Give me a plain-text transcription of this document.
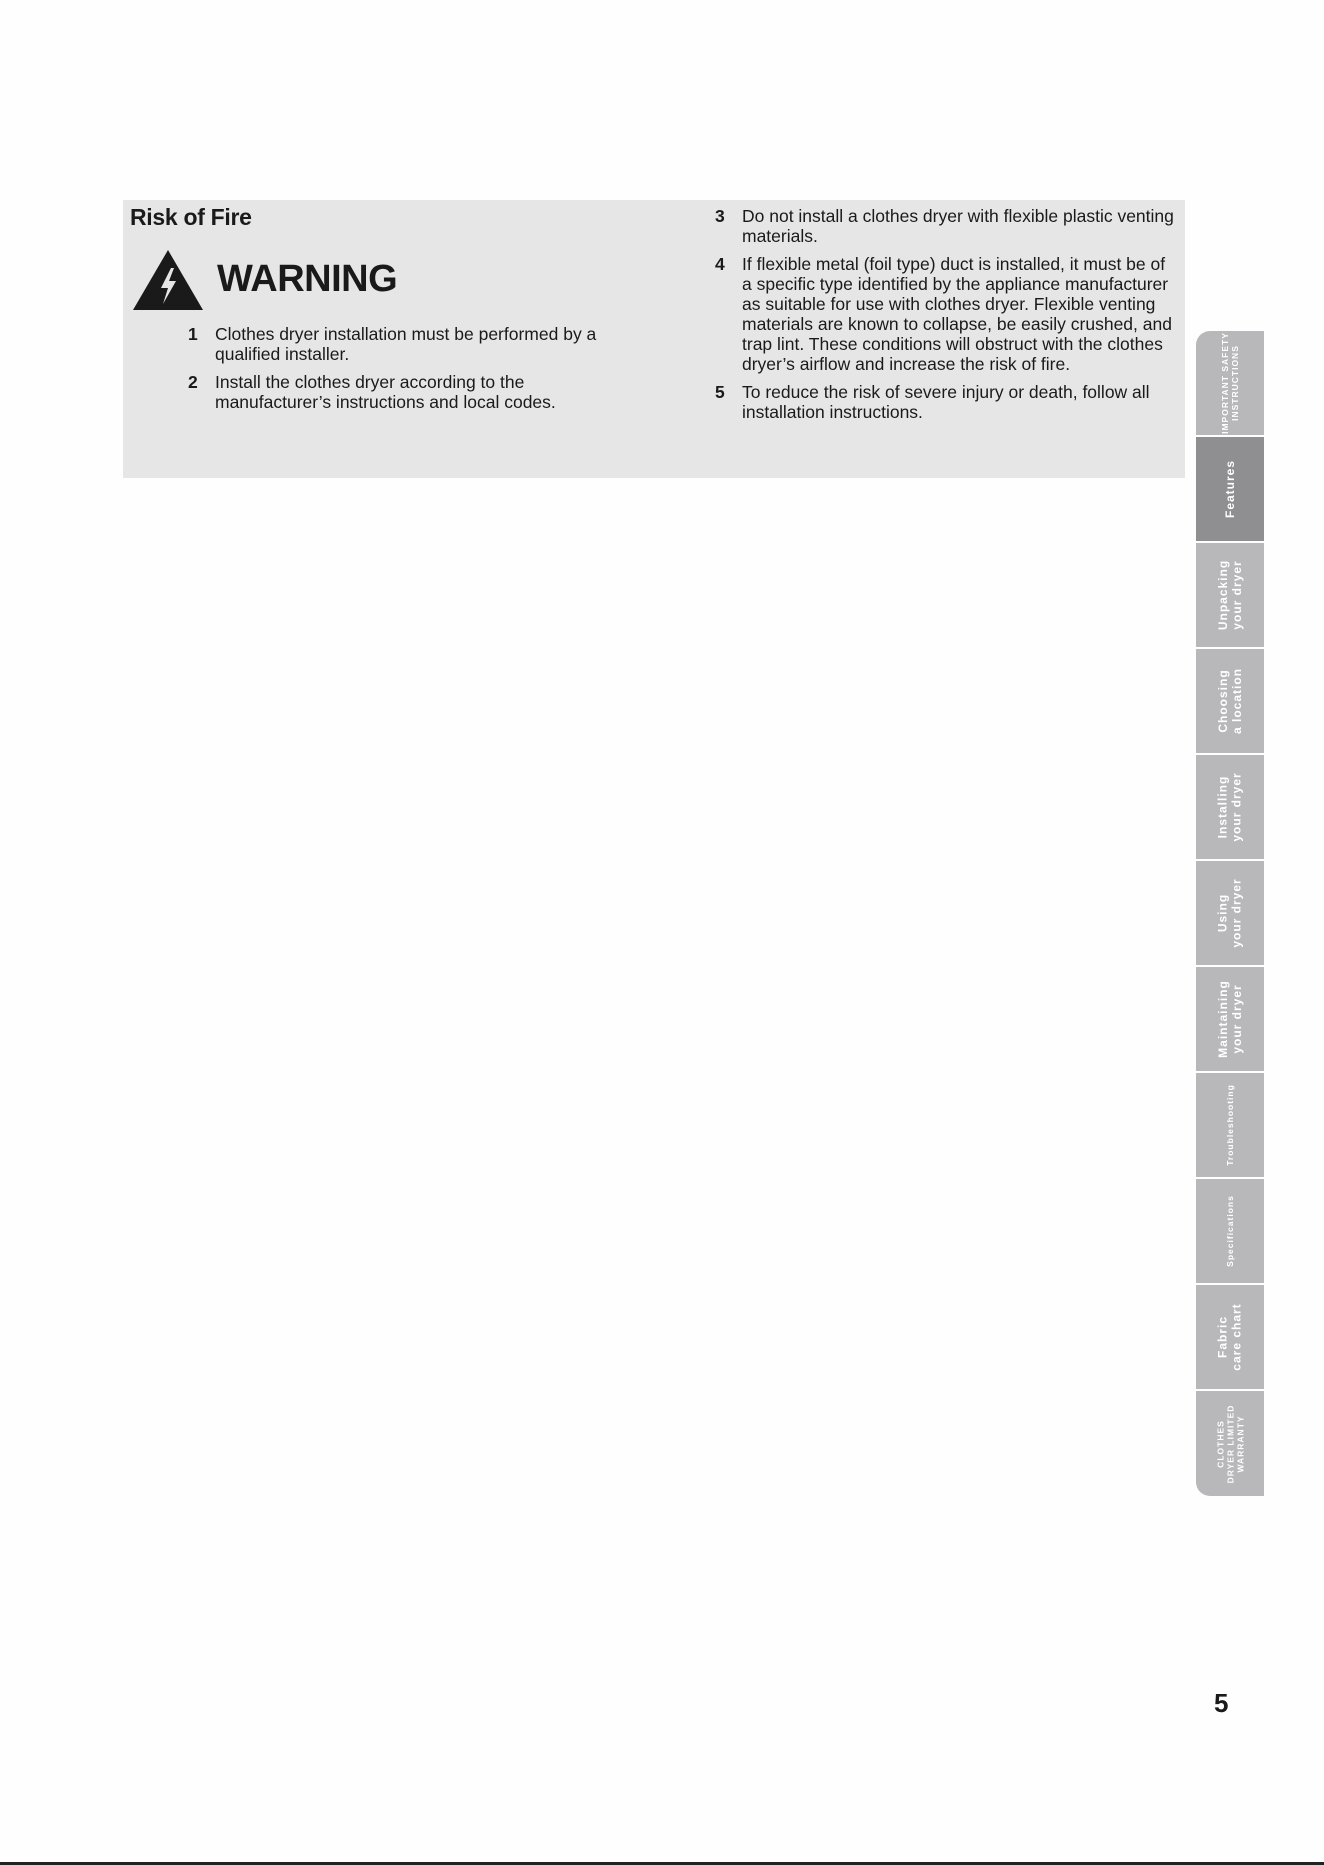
Risk of Fire
WARNING
1 Clothes dryer installation must be performed by a qualified installer.
2 Install the clothes dryer according to the manufacturer’s instructions and local codes.
3 Do not install a clothes dryer with flexible plastic venting materials.
4 If flexible metal (foil type) duct is installed, it must be of a specific type identified by the appliance manufacturer as suitable for use with clothes dryer. Flexible venting materials are known to collapse, be easily crushed, and trap lint. These conditions will obstruct with the clothes dryer’s airflow and increase the risk of fire.
5 To reduce the risk of severe injury or death, follow all installation instructions.	IMPORTANT SAFETY
INSTRUCTIONS
Features
Unpacking
your dryer
Choosing
a location
Installing
your dryer
Using
your dryer
Maintaining
your dryer
Troubleshooting
Specifications
Fabric
care chart
CLOTHES
DRYER LIMITED
WARRANTY
5
